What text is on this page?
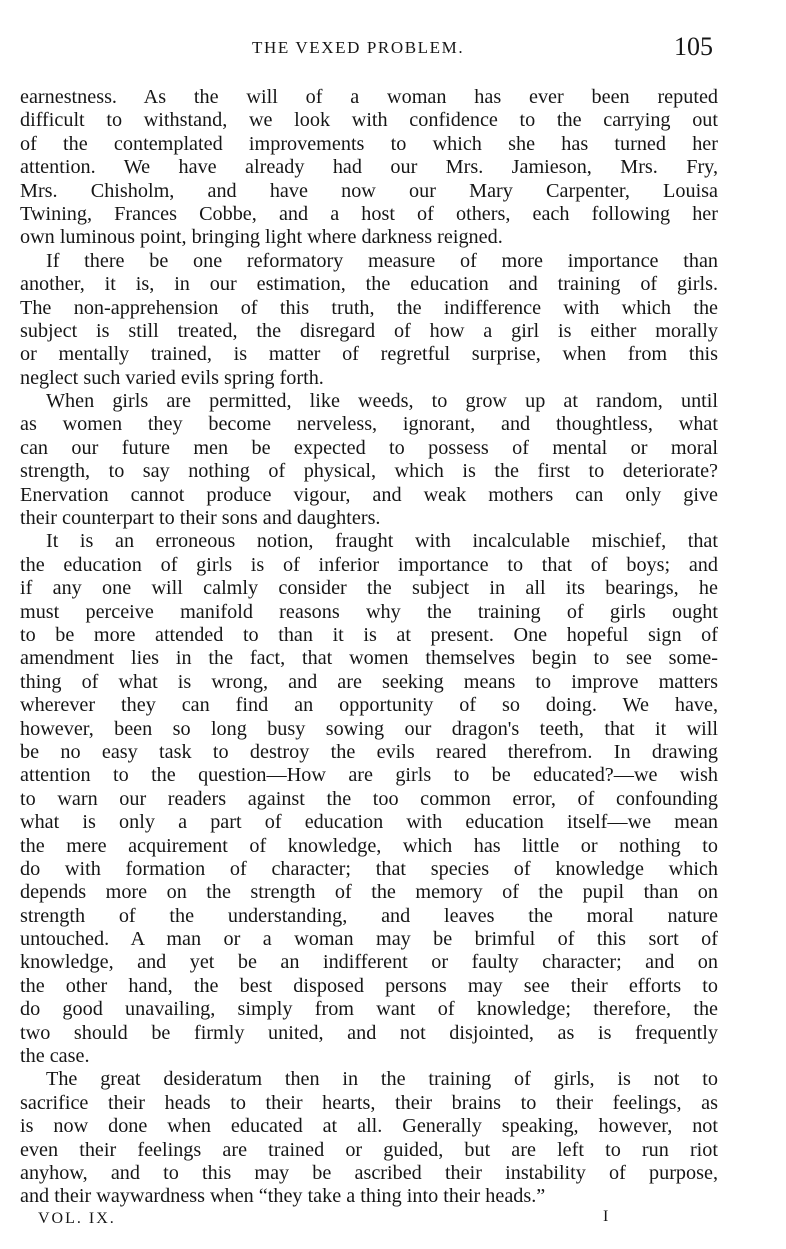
THE VEXED PROBLEM.	105
earnestness. As the will of a woman has ever been reputed
difficult to withstand, we look with confidence to the carrying out
of the contemplated improvements to which she has turned her
attention. We have already had our Mrs. Jamieson, Mrs. Fry,
Mrs. Chisholm, and have now our Mary Carpenter, Louisa
Twining, Frances Cobbe, and a host of others, each following her
own luminous point, bringing light where darkness reigned.
If there be one reformatory measure of more importance than
another, it is, in our estimation, the education and training of girls.
The non-apprehension of this truth, the indifference with which the
subject is still treated, the disregard of how a girl is either morally
or mentally trained, is matter of regretful surprise, when from this
neglect such varied evils spring forth.
When girls are permitted, like weeds, to grow up at random, until
as women they become nerveless, ignorant, and thoughtless, what
can our future men be expected to possess of mental or moral
strength, to say nothing of physical, which is the first to deteriorate?
Enervation cannot produce vigour, and weak mothers can only give
their counterpart to their sons and daughters.
It is an erroneous notion, fraught with incalculable mischief, that
the education of girls is of inferior importance to that of boys; and
if any one will calmly consider the subject in all its bearings, he
must perceive manifold reasons why the training of girls ought
to be more attended to than it is at present. One hopeful sign of
amendment lies in the fact, that women themselves begin to see some-
thing of what is wrong, and are seeking means to improve matters
wherever they can find an opportunity of so doing. We have,
however, been so long busy sowing our dragon's teeth, that it will
be no easy task to destroy the evils reared therefrom. In drawing
attention to the question—How are girls to be educated?—we wish
to warn our readers against the too common error, of confounding
what is only a part of education with education itself—we mean
the mere acquirement of knowledge, which has little or nothing to
do with formation of character; that species of knowledge which
depends more on the strength of the memory of the pupil than on
strength of the understanding, and leaves the moral nature
untouched. A man or a woman may be brimful of this sort of
knowledge, and yet be an indifferent or faulty character; and on
the other hand, the best disposed persons may see their efforts to
do good unavailing, simply from want of knowledge; therefore, the
two should be firmly united, and not disjointed, as is frequently
the case.
The great desideratum then in the training of girls, is not to
sacrifice their heads to their hearts, their brains to their feelings, as
is now done when educated at all. Generally speaking, however, not
even their feelings are trained or guided, but are left to run riot
anyhow, and to this may be ascribed their instability of purpose,
and their waywardness when “they take a thing into their heads.”
VOL. IX.	I
